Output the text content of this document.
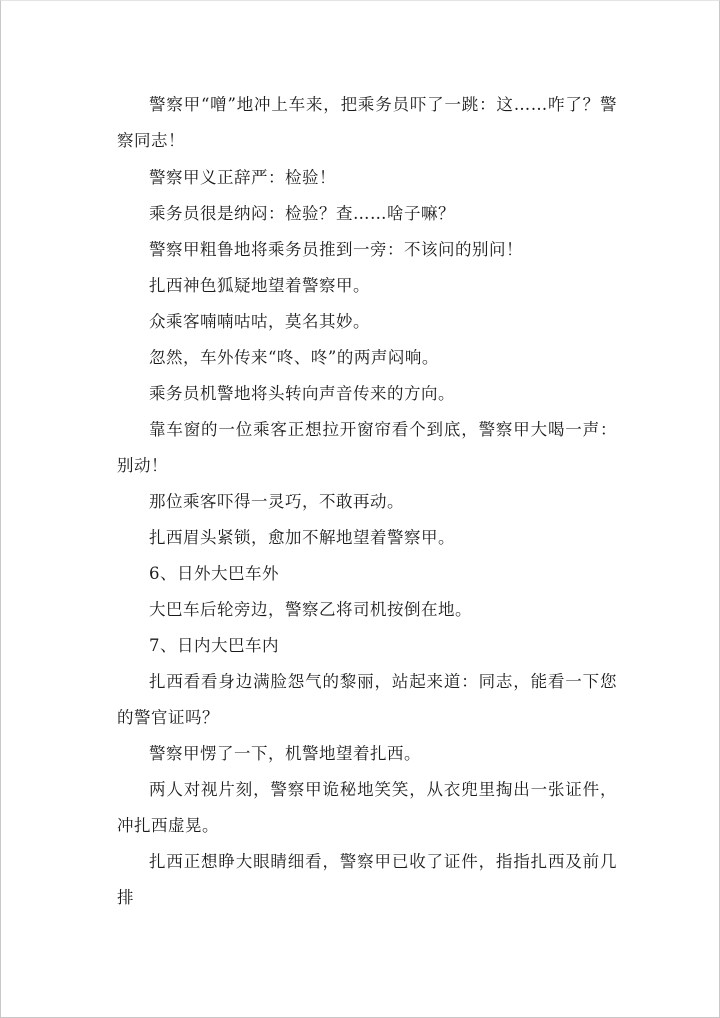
警察甲“噌”地冲上车来，把乘务员吓了一跳：这……咋了？警察同志！

警察甲义正辞严：检验！

乘务员很是纳闷：检验？查……啥子嘛？

警察甲粗鲁地将乘务员推到一旁：不该问的别问！

扎西神色狐疑地望着警察甲。

众乘客喃喃咕咕，莫名其妙。

忽然，车外传来“咚、咚”的两声闷响。

乘务员机警地将头转向声音传来的方向。

靠车窗的一位乘客正想拉开窗帘看个到底，警察甲大喝一声：别动！

那位乘客吓得一灵巧，不敢再动。

扎西眉头紧锁，愈加不解地望着警察甲。

6、日外大巴车外

大巴车后轮旁边，警察乙将司机按倒在地。

7、日内大巴车内

扎西看看身边满脸怨气的黎丽，站起来道：同志，能看一下您的警官证吗？

警察甲愣了一下，机警地望着扎西。

两人对视片刻，警察甲诡秘地笑笑，从衣兜里掏出一张证件，冲扎西虚晃。

扎西正想睁大眼睛细看，警察甲已收了证件，指指扎西及前几排
